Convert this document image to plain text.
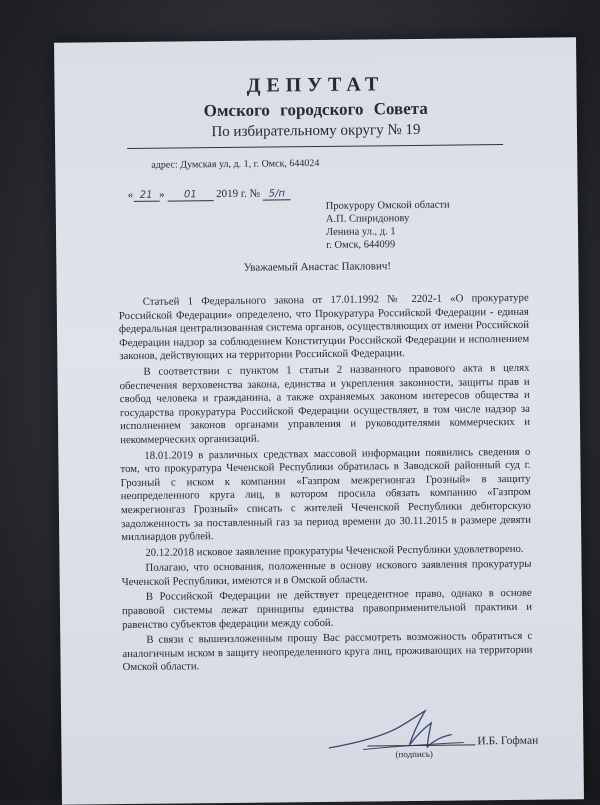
ДЕПУТАТ
Омского городского Совета
По избирательному округу № 19
адрес: Думская ул, д. 1, г. Омск, 644024
« 21 » 01 2019 г. № 5/п
Прокурору Омской области
А.П. Спиридонову
Ленина ул., д. 1
г. Омск, 644099
Уважаемый Анастас Паклович!

Статьей 1 Федерального закона от 17.01.1992 № 2202-1 «О прокуратуре Российской Федерации» определено, что Прокуратура Российской Федерации - единая федеральная централизованная система органов, осуществляющих от имени Российской Федерации надзор за соблюдением Конституции Российской Федерации и исполнением законов, действующих на территории Российской Федерации.

В соответствии с пунктом 1 статьи 2 названного правового акта в целях обеспечения верховенства закона, единства и укрепления законности, защиты прав и свобод человека и гражданина, а также охраняемых законом интересов общества и государства прокуратура Российской Федерации осуществляет, в том числе надзор за исполнением законов органами управления и руководителями коммерческих и некоммерческих организаций.

18.01.2019 в различных средствах массовой информации появились сведения о том, что прокуратура Чеченской Республики обратилась в Заводской районный суд г. Грозный с иском к компании «Газпром межрегионгаз Грозный» в защиту неопределенного круга лиц, в котором просила обязать компанию «Газпром межрегионгаз Грозный» списать с жителей Чеченской Республики дебиторскую задолженность за поставленный газ за период времени до 30.11.2015 в размере девяти миллиардов рублей.

20.12.2018 исковое заявление прокуратуры Чеченской Республики удовлетворено.

Полагаю, что основания, положенные в основу искового заявления прокуратуры Чеченской Республики, имеются и в Омской области.

В Российской Федерации не действует прецедентное право, однако в основе правовой системы лежат принципы единства правоприменительной практики и равенство субъектов федерации между собой.

В связи с вышеизложенным прошу Вас рассмотреть возможность обратиться с аналогичным иском в защиту неопределенного круга лиц, проживающих на территории Омской области.

(подпись)
И.Б. Гофман
